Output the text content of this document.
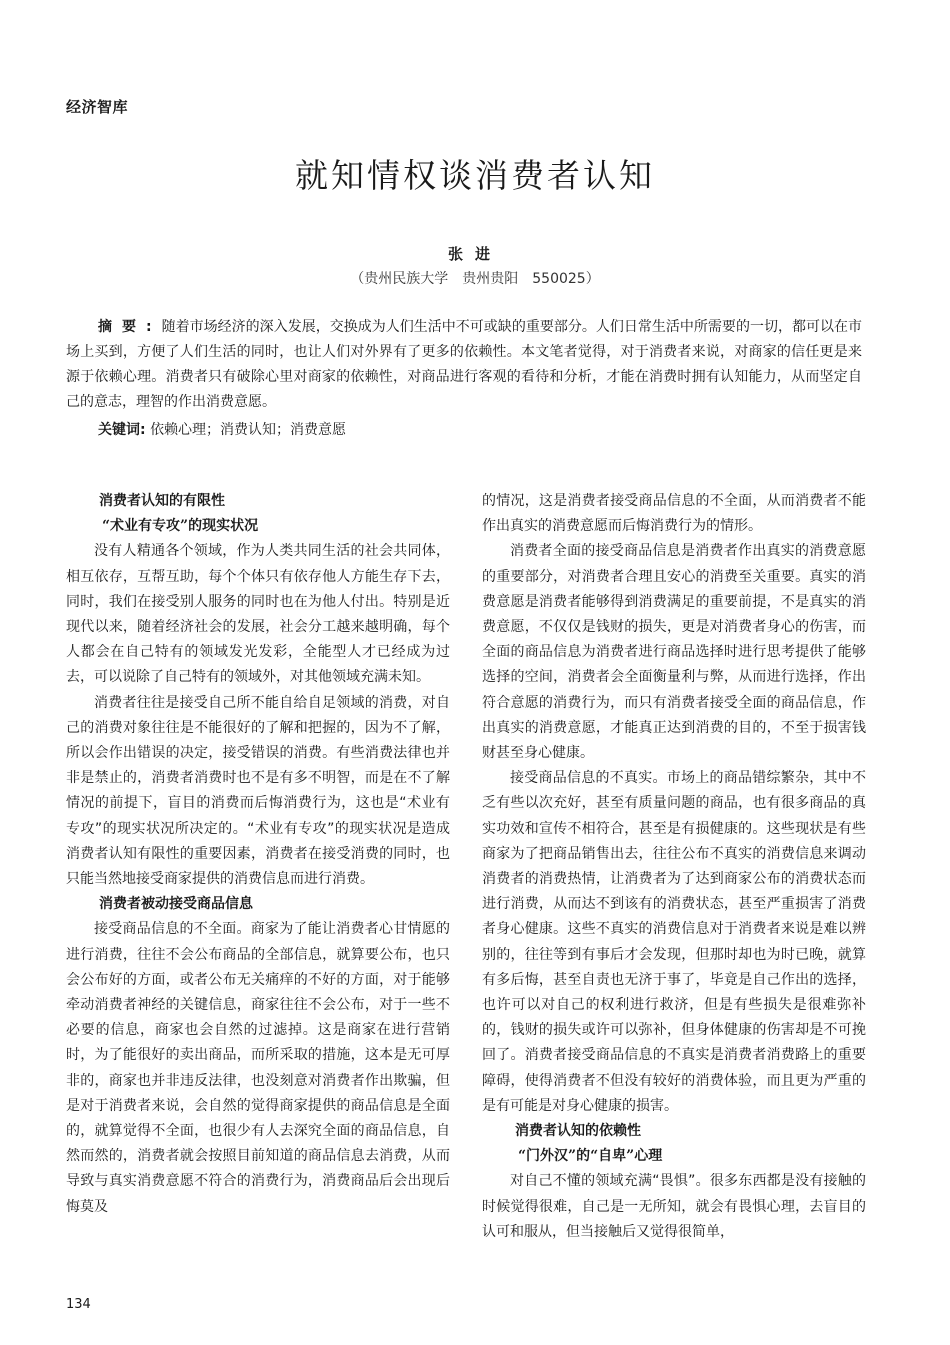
经济智库
就知情权谈消费者认知
张进
（贵州民族大学　贵州贵阳　550025）

摘要:随着市场经济的深入发展，交换成为人们生活中不可或缺的重要部分。人们日常生活中所需要的一切，都可以在市场上买到，方便了人们生活的同时，也让人们对外界有了更多的依赖性。本文笔者觉得，对于消费者来说，对商家的信任更是来源于依赖心理。消费者只有破除心里对商家的依赖性，对商品进行客观的看待和分析，才能在消费时拥有认知能力，从而坚定自己的意志，理智的作出消费意愿。

关键词: 依赖心理；消费认知；消费意愿

消费者认知的有限性
“术业有专攻”的现实状况

没有人精通各个领域，作为人类共同生活的社会共同体，相互依存，互帮互助，每个个体只有依存他人方能生存下去，同时，我们在接受别人服务的同时也在为他人付出。特别是近现代以来，随着经济社会的发展，社会分工越来越明确，每个人都会在自己特有的领域发光发彩，全能型人才已经成为过去，可以说除了自己特有的领域外，对其他领域充满未知。

消费者往往是接受自己所不能自给自足领域的消费，对自己的消费对象往往是不能很好的了解和把握的，因为不了解，所以会作出错误的决定，接受错误的消费。有些消费法律也并非是禁止的，消费者消费时也不是有多不明智，而是在不了解情况的前提下，盲目的消费而后悔消费行为，这也是“术业有专攻”的现实状况所决定的。“术业有专攻”的现实状况是造成消费者认知有限性的重要因素，消费者在接受消费的同时，也只能当然地接受商家提供的消费信息而进行消费。

消费者被动接受商品信息

接受商品信息的不全面。商家为了能让消费者心甘情愿的进行消费，往往不会公布商品的全部信息，就算要公布，也只会公布好的方面，或者公布无关痛痒的不好的方面，对于能够牵动消费者神经的关键信息，商家往往不会公布，对于一些不必要的信息，商家也会自然的过滤掉。这是商家在进行营销时，为了能很好的卖出商品，而所采取的措施，这本是无可厚非的，商家也并非违反法律，也没刻意对消费者作出欺骗，但是对于消费者来说，会自然的觉得商家提供的商品信息是全面的，就算觉得不全面，也很少有人去深究全面的商品信息，自然而然的，消费者就会按照目前知道的商品信息去消费，从而导致与真实消费意愿不符合的消费行为，消费商品后会出现后悔莫及

的情况，这是消费者接受商品信息的不全面，从而消费者不能作出真实的消费意愿而后悔消费行为的情形。

消费者全面的接受商品信息是消费者作出真实的消费意愿的重要部分，对消费者合理且安心的消费至关重要。真实的消费意愿是消费者能够得到消费满足的重要前提，不是真实的消费意愿，不仅仅是钱财的损失，更是对消费者身心的伤害，而全面的商品信息为消费者进行商品选择时进行思考提供了能够选择的空间，消费者会全面衡量利与弊，从而进行选择，作出符合意愿的消费行为，而只有消费者接受全面的商品信息，作出真实的消费意愿，才能真正达到消费的目的，不至于损害钱财甚至身心健康。

接受商品信息的不真实。市场上的商品错综繁杂，其中不乏有些以次充好，甚至有质量问题的商品，也有很多商品的真实功效和宣传不相符合，甚至是有损健康的。这些现状是有些商家为了把商品销售出去，往往公布不真实的消费信息来调动消费者的消费热情，让消费者为了达到商家公布的消费状态而进行消费，从而达不到该有的消费状态，甚至严重损害了消费者身心健康。这些不真实的消费信息对于消费者来说是难以辨别的，往往等到有事后才会发现，但那时却也为时已晚，就算有多后悔，甚至自责也无济于事了，毕竟是自己作出的选择，也许可以对自己的权利进行救济，但是有些损失是很难弥补的，钱财的损失或许可以弥补，但身体健康的伤害却是不可挽回了。消费者接受商品信息的不真实是消费者消费路上的重要障碍，使得消费者不但没有较好的消费体验，而且更为严重的是有可能是对身心健康的损害。

消费者认知的依赖性
“门外汉”的“自卑”心理

对自己不懂的领域充满“畏惧”。很多东西都是没有接触的时候觉得很难，自己是一无所知，就会有畏惧心理，去盲目的认可和服从，但当接触后又觉得很简单，

134
